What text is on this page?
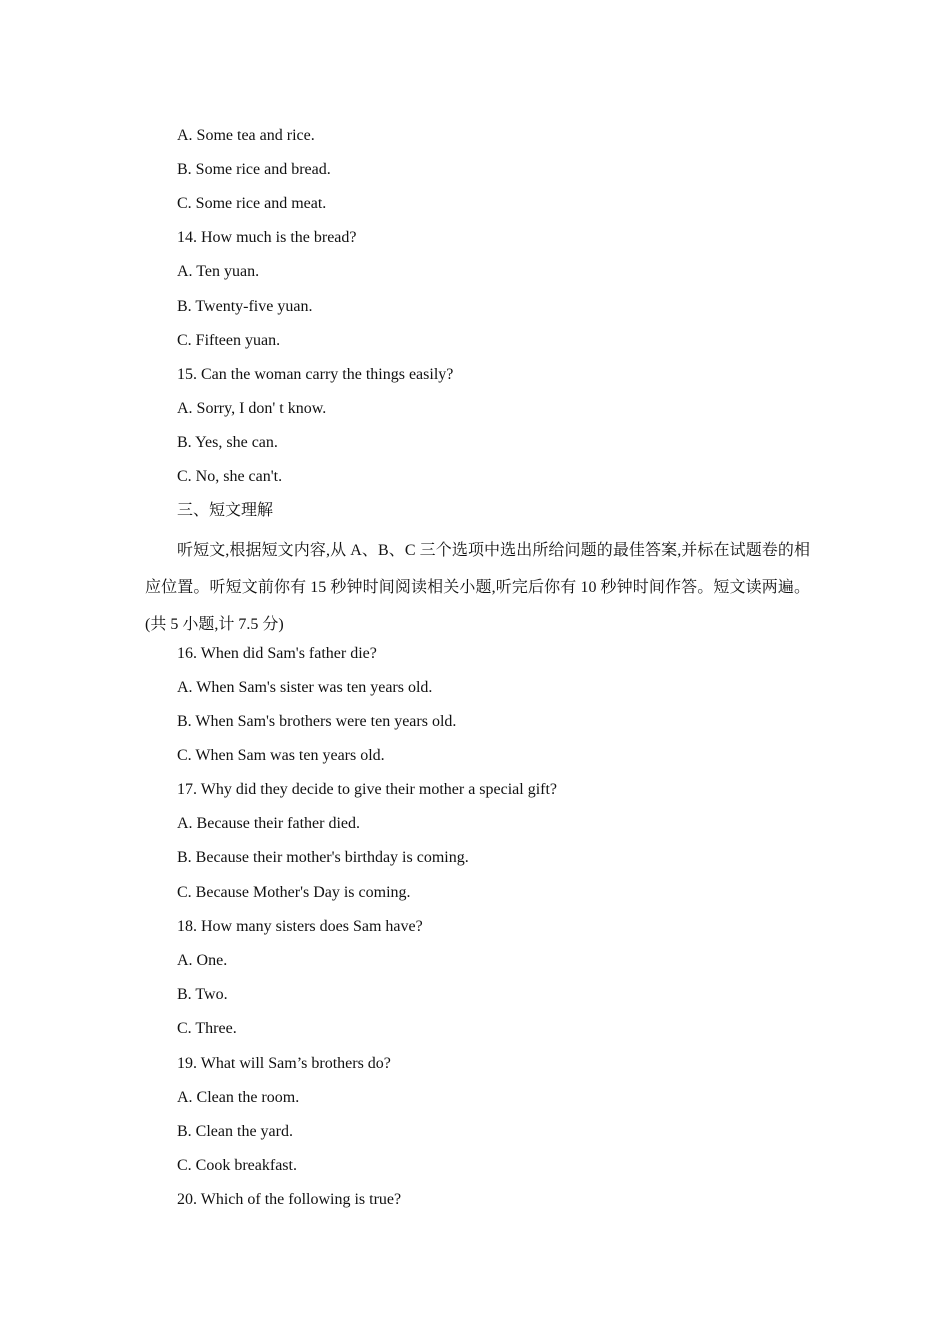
A. Some tea and rice.
B. Some rice and bread.
C. Some rice and meat.
14. How much is the bread?
A. Ten yuan.
B. Twenty-five yuan.
C. Fifteen yuan.
15. Can the woman carry the things easily?
A. Sorry, I don' t know.
B. Yes, she can.
C. No, she can't.
三、短文理解
听短文,根据短文内容,从 A、B、C 三个选项中选出所给问题的最佳答案,并标在试题卷的相应位置。听短文前你有 15 秒钟时间阅读相关小题,听完后你有 10 秒钟时间作答。短文读两遍。(共 5 小题,计 7.5 分)
16. When did Sam's father die?
A. When Sam's sister was ten years old.
B. When Sam's brothers were ten years old.
C. When Sam was ten years old.
17. Why did they decide to give their mother a special gift?
A. Because their father died.
B. Because their mother's birthday is coming.
C. Because Mother's Day is coming.
18. How many sisters does Sam have?
A. One.
B. Two.
C. Three.
19. What will Sam’s brothers do?
A. Clean the room.
B. Clean the yard.
C. Cook breakfast.
20. Which of the following is true?
